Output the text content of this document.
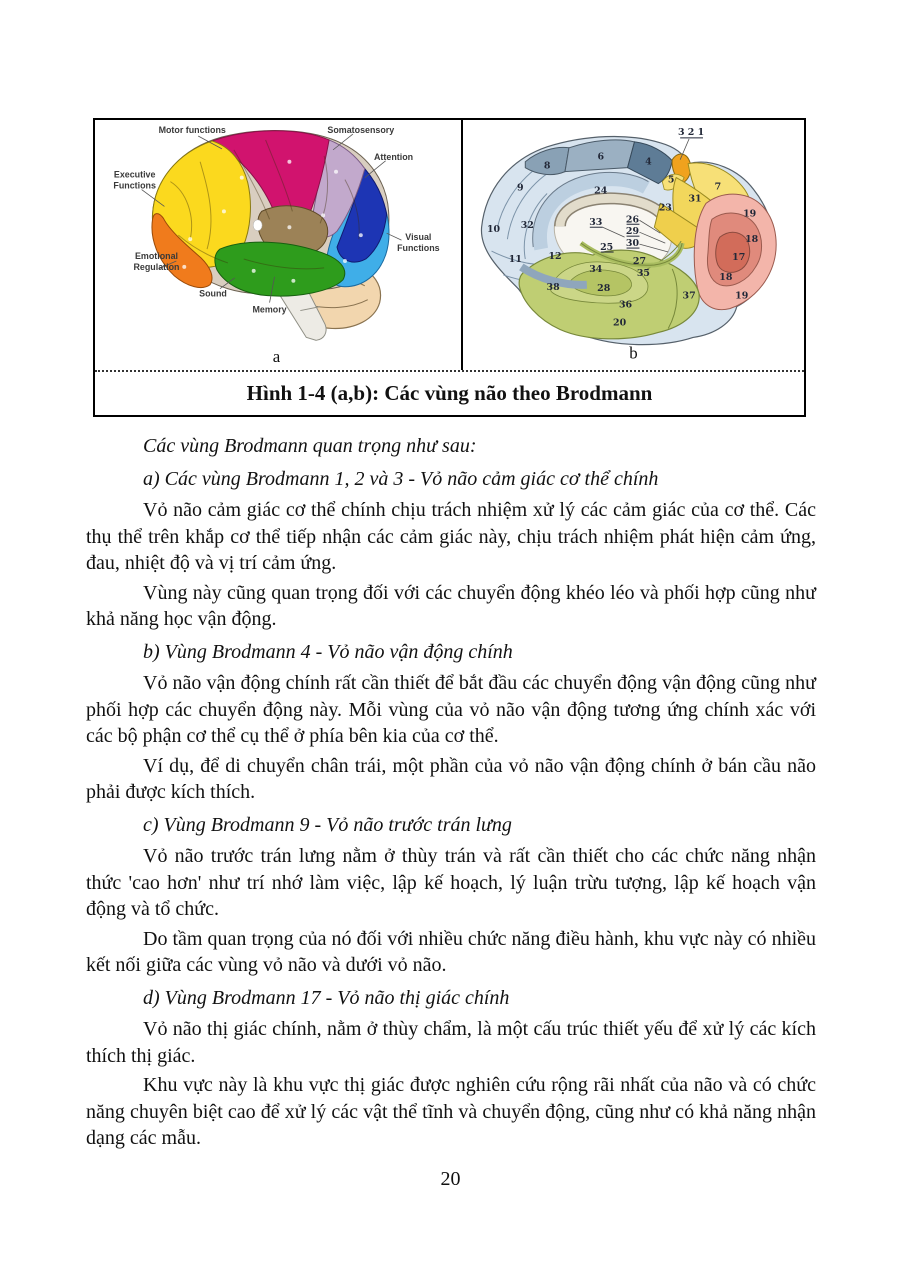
Motor functions	Somatosensory
Attention
Executive
Functions
Visual
Functions
Emotional
Regulation
Sound
Memory
a
8
6	4
5
7
9	24
31
23
10 32	33 26
29
30
25
11	12
34
27
35
28
38
36
37
20
19
18
17
18
19
3 2 1
b
Hình 1-4 (a,b): Các vùng não theo Brodmann

Các vùng Brodmann quan trọng như sau:

a) Các vùng Brodmann 1, 2 và 3 - Vỏ não cảm giác cơ thể chính

Vỏ não cảm giác cơ thể chính chịu trách nhiệm xử lý các cảm giác của cơ thể. Các thụ thể trên khắp cơ thể tiếp nhận các cảm giác này, chịu trách nhiệm phát hiện cảm ứng, đau, nhiệt độ và vị trí cảm ứng.

Vùng này cũng quan trọng đối với các chuyển động khéo léo và phối hợp cũng như khả năng học vận động.

b) Vùng Brodmann 4 - Vỏ não vận động chính

Vỏ não vận động chính rất cần thiết để bắt đầu các chuyển động vận động cũng như phối hợp các chuyển động này. Mỗi vùng của vỏ não vận động tương ứng chính xác với các bộ phận cơ thể cụ thể ở phía bên kia của cơ thể.

Ví dụ, để di chuyển chân trái, một phần của vỏ não vận động chính ở bán cầu não phải được kích thích.

c) Vùng Brodmann 9 - Vỏ não trước trán lưng

Vỏ não trước trán lưng nằm ở thùy trán và rất cần thiết cho các chức năng nhận thức 'cao hơn' như trí nhớ làm việc, lập kế hoạch, lý luận trừu tượng, lập kế hoạch vận động và tổ chức.

Do tầm quan trọng của nó đối với nhiều chức năng điều hành, khu vực này có nhiều kết nối giữa các vùng vỏ não và dưới vỏ não.

d) Vùng Brodmann 17 - Vỏ não thị giác chính

Vỏ não thị giác chính, nằm ở thùy chẩm, là một cấu trúc thiết yếu để xử lý các kích thích thị giác.

Khu vực này là khu vực thị giác được nghiên cứu rộng rãi nhất của não và có chức năng chuyên biệt cao để xử lý các vật thể tĩnh và chuyển động, cũng như có khả năng nhận dạng các mẫu.

20
